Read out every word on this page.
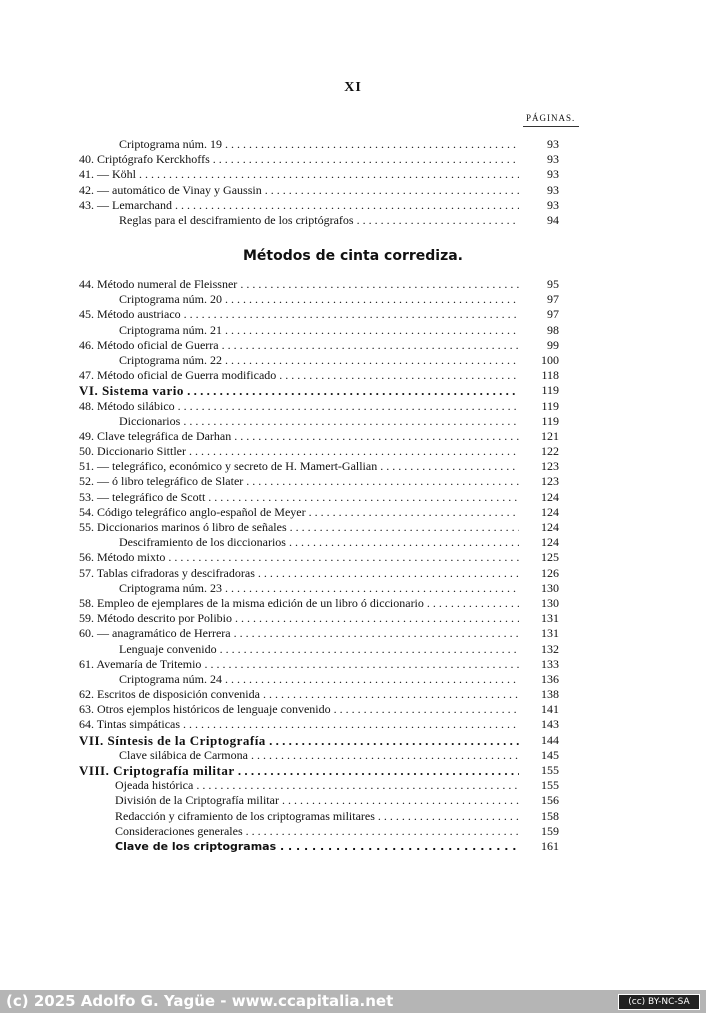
XI
PÁGINAS.
Criptograma núm. 19 . . .	93
40. Criptógrafo Kerckhoffs . . .	93
41. — Köhl . . .	93
42. — automático de Vinay y Gaussin . . .	93
43. — Lemarchand . . .	93
Reglas para el desciframiento de los criptógrafos . . .	94
Métodos de cinta corrediza.
44. Método numeral de Fleissner . . .	95
Criptograma núm. 20 . . .	97
45. Método austriaco . . .	97
Criptograma núm. 21 . . .	98
46. Método oficial de Guerra . . .	99
Criptograma núm. 22 . . .	100
47. Método oficial de Guerra modificado . . .	118
VI. Sistema vario . . .	119
48. Método silábico . . .	119
Diccionarios . . .	119
49. Clave telegráfica de Darhan . . .	121
50. Diccionario Sittler . . .	122
51. — telegráfico, económico y secreto de H. Mamert-Gallian . . .	123
52. — ó libro telegráfico de Slater . . .	123
53. — telegráfico de Scott . . .	124
54. Código telegráfico anglo-español de Meyer . . .	124
55. Diccionarios marinos ó libro de señales . . .	124
Desciframiento de los diccionarios . . .	124
56. Método mixto . . .	125
57. Tablas cifradoras y descifradoras . . .	126
Criptograma núm. 23 . . .	130
58. Empleo de ejemplares de la misma edición de un libro ó diccionario . . .	130
59. Método descrito por Polibio . . .	131
60. — anagramático de Herrera . . .	131
Lenguaje convenido . . .	132
61. Avemaría de Tritemio . . .	133
Criptograma núm. 24 . . .	136
62. Escritos de disposición convenida . . .	138
63. Otros ejemplos históricos de lenguaje convenido . . .	141
64. Tintas simpáticas . . .	143
VII. Síntesis de la Criptografía . . .	144
Clave silábica de Carmona . . .	145
VIII. Criptografía militar . . .	155
Ojeada histórica . . .	155
División de la Criptografía militar . . .	156
Redacción y ciframiento de los criptogramas militares . . .	158
Consideraciones generales . . .	159
Clave de los criptogramas . . .	161
(c) 2025 Adolfo G. Yagüe - www.ccapitalia.net	(cc) BY-NC-SA
